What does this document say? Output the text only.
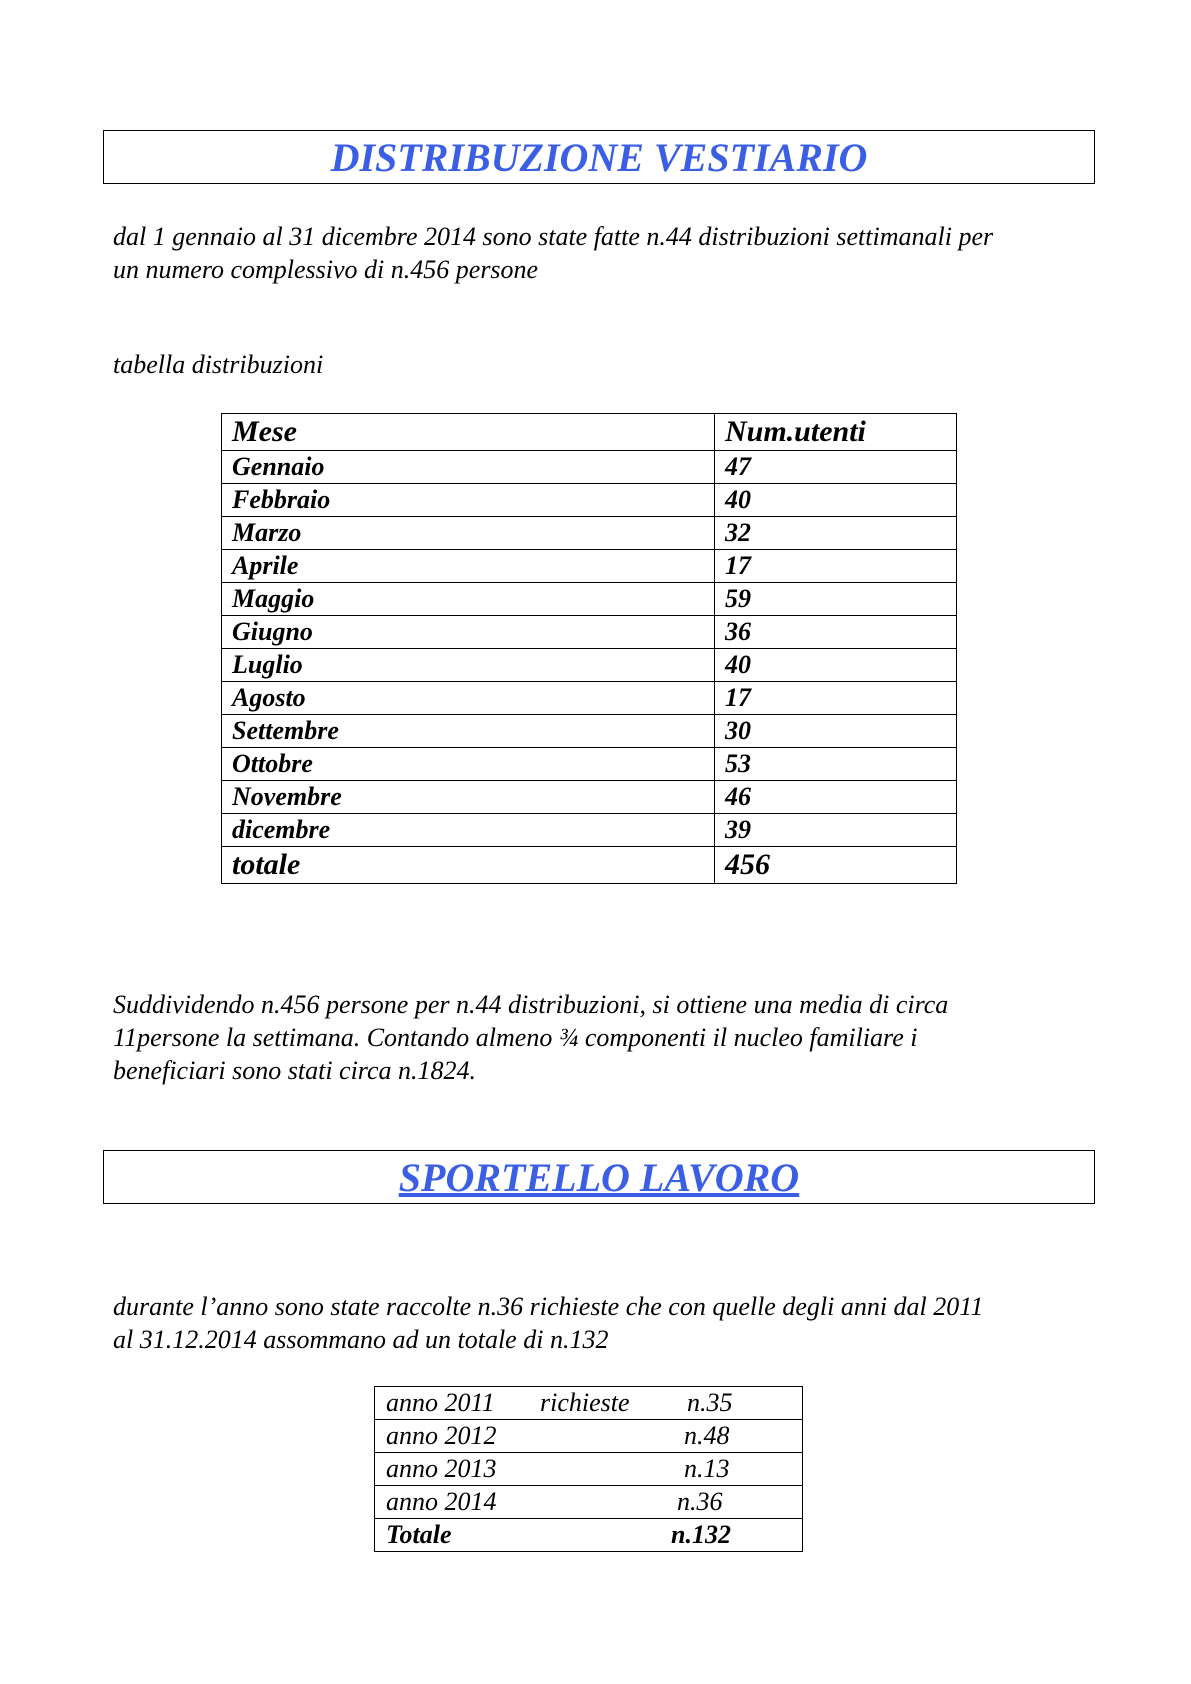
DISTRIBUZIONE VESTIARIO

dal 1 gennaio al 31 dicembre 2014 sono state fatte n.44 distribuzioni settimanali per

un numero complessivo di n.456 persone

tabella distribuzioni

Mese	Num.utenti
Gennaio	47
Febbraio	40
Marzo	32
Aprile	17
Maggio	59
Giugno	36
Luglio	40
Agosto	17
Settembre	30
Ottobre	53
Novembre	46
dicembre	39
totale	456

Suddividendo n.456 persone per n.44 distribuzioni, si ottiene una media di circa

11persone la settimana. Contando almeno ¾ componenti il nucleo familiare i

beneficiari sono stati circa n.1824.

SPORTELLO LAVORO

durante l’anno sono state raccolte n.36 richieste che con quelle degli anni dal 2011

al 31.12.2014 assommano ad un totale di n.132

anno 2011 richieste n.35

anno 2012	n.48

anno 2013	n.13

anno 2014	n.36

Totale	n.132
